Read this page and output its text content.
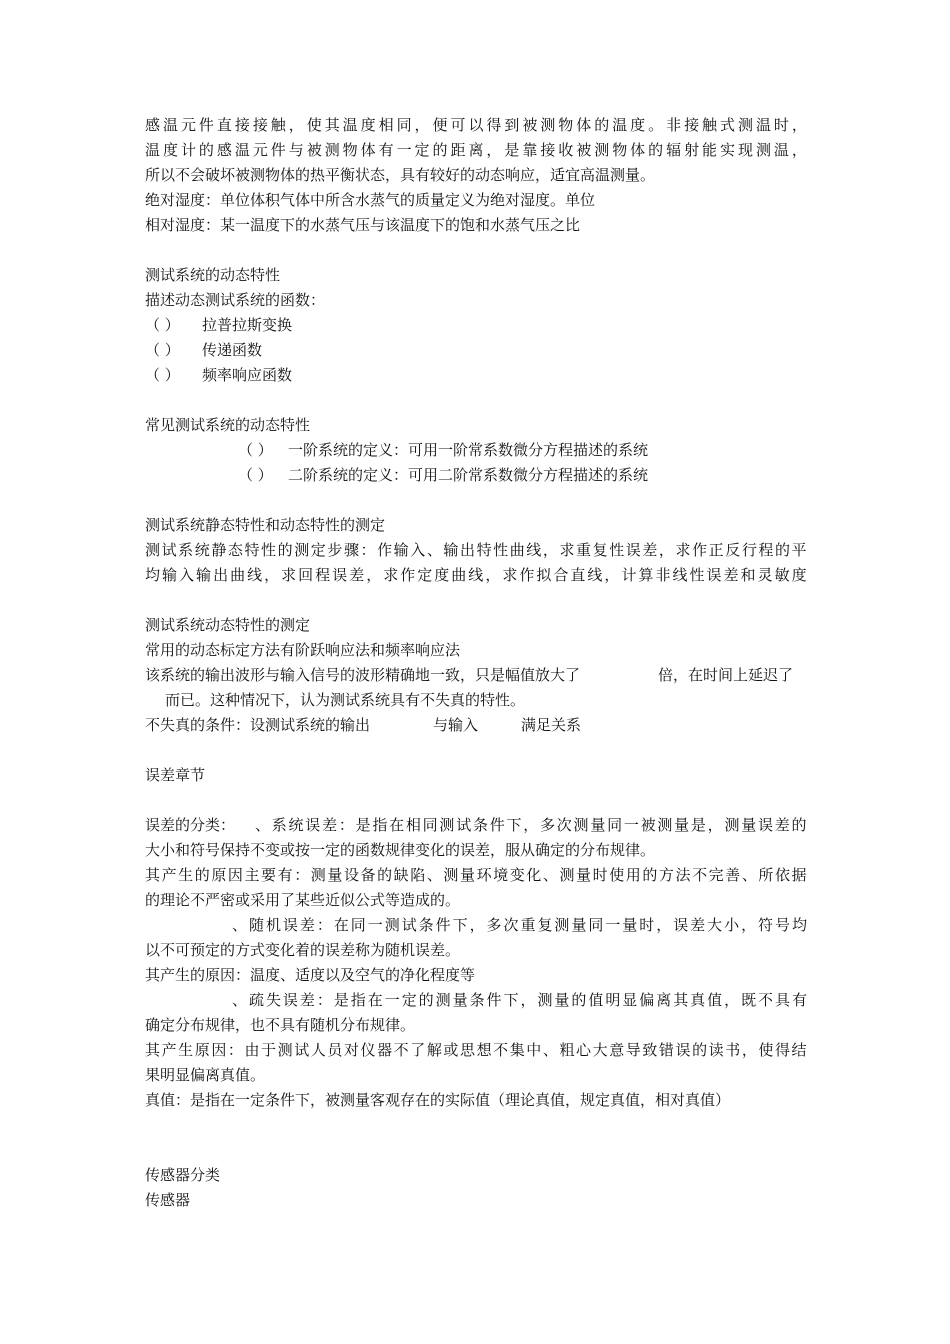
感 温 元 件 直 接 接 触 ， 使 其 温 度 相 同 ， 便 可 以 得 到 被 测 物 体 的 温 度 。 非 接 触 式 测 温 时 ，
温 度 计 的 感 温 元 件 与 被 测 物 体 有 一 定 的 距 离 ， 是 靠 接 收 被 测 物 体 的 辐 射 能 实 现 测 温 ，
所以不会破坏被测物体的热平衡状态，具有较好的动态响应，适宜高温测量。
绝对湿度：单位体积气体中所含水蒸气的质量定义为绝对湿度。单位
相对湿度：某一温度下的水蒸气压与该温度下的饱和水蒸气压之比
测试系统的动态特性
描述动态测试系统的函数：
（ ） 拉普拉斯变换
（ ） 传递函数
（ ） 频率响应函数
常见测试系统的动态特性
（ ） 一阶系统的定义：可用一阶常系数微分方程描述的系统
（ ） 二阶系统的定义：可用二阶常系数微分方程描述的系统
测试系统静态特性和动态特性的测定
测 试 系 统 静 态 特 性 的 测 定 步 骤 ： 作 输 入 、 输 出 特 性 曲 线 ， 求 重 复 性 误 差 ， 求 作 正 反 行 程 的 平
均 输 入 输 出 曲 线 ， 求 回 程 误 差 ， 求 作 定 度 曲 线 ， 求 作 拟 合 直 线 ， 计 算 非 线 性 误 差 和 灵 敏 度
测试系统动态特性的测定
常用的动态标定方法有阶跃响应法和频率响应法
该系统的输出波形与输入信号的波形精确地一致，只是幅值放大了	倍，在时间上延迟了
而已。这种情况下，认为测试系统具有不失真的特性。
不失真的条件：设测试系统的输出	与输入	满足关系
误差章节
误差的分类： 、 系 统 误 差 ： 是 指 在 相 同 测 试 条 件 下 ， 多 次 测 量 同 一 被 测 量 是 ， 测 量 误 差 的
大小和符号保持不变或按一定的函数规律变化的误差，服从确定的分布规律。
其 产 生 的 原 因 主 要 有 ： 测 量 设 备 的 缺 陷 、 测 量 环 境 变 化 、 测 量 时 使 用 的 方 法 不 完 善 、 所 依 据
的理论不严密或采用了某些近似公式等造成的。
、 随 机 误 差 ： 在 同 一 测 试 条 件 下 ， 多 次 重 复 测 量 同 一 量 时 ， 误 差 大 小 ， 符 号 均
以不可预定的方式变化着的误差称为随机误差。
其产生的原因：温度、适度以及空气的净化程度等
、 疏 失 误 差 ： 是 指 在 一 定 的 测 量 条 件 下 ， 测 量 的 值 明 显 偏 离 其 真 值 ， 既 不 具 有
确定分布规律，也不具有随机分布规律。
其 产 生 原 因 ： 由 于 测 试 人 员 对 仪 器 不 了 解 或 思 想 不 集 中 、 粗 心 大 意 导 致 错 误 的 读 书 ， 使 得 结
果明显偏离真值。
真值：是指在一定条件下，被测量客观存在的实际值（理论真值，规定真值，相对真值）
传感器分类
传感器
